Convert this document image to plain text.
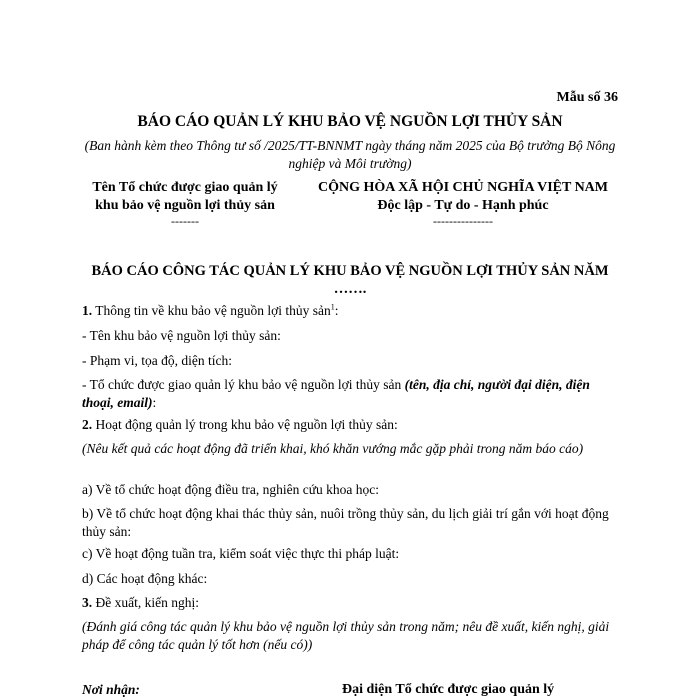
Mẫu số 36
BÁO CÁO QUẢN LÝ KHU BẢO VỆ NGUỒN LỢI THỦY SẢN
(Ban hành kèm theo Thông tư số /2025/TT-BNNMT ngày tháng năm 2025 của Bộ trưởng Bộ Nông nghiệp và Môi trường)
Tên Tổ chức được giao quản lý
khu bảo vệ nguồn lợi thủy sản
-------
CỘNG HÒA XÃ HỘI CHỦ NGHĨA VIỆT NAM
Độc lập - Tự do - Hạnh phúc
---------------
BÁO CÁO CÔNG TÁC QUẢN LÝ KHU BẢO VỆ NGUỒN LỢI THỦY SẢN NĂM …….
1. Thông tin về khu bảo vệ nguồn lợi thủy sản$^1$:
- Tên khu bảo vệ nguồn lợi thủy sản:
- Phạm vi, tọa độ, diện tích:
- Tổ chức được giao quản lý khu bảo vệ nguồn lợi thủy sản (tên, địa chỉ, người đại diện, điện thoại, email):
2. Hoạt động quản lý trong khu bảo vệ nguồn lợi thủy sản:
(Nêu kết quả các hoạt động đã triển khai, khó khăn vướng mắc gặp phải trong năm báo cáo)
a) Về tổ chức hoạt động điều tra, nghiên cứu khoa học:
b) Về tổ chức hoạt động khai thác thủy sản, nuôi trồng thủy sản, du lịch giải trí gắn với hoạt động thủy sản:
c) Về hoạt động tuần tra, kiểm soát việc thực thi pháp luật:
d) Các hoạt động khác:
3. Đề xuất, kiến nghị:
(Đánh giá công tác quản lý khu bảo vệ nguồn lợi thủy sản trong năm; nêu đề xuất, kiến nghị, giải pháp để công tác quản lý tốt hơn (nếu có))
Nơi nhận:	Đại diện Tổ chức được giao quản lý
